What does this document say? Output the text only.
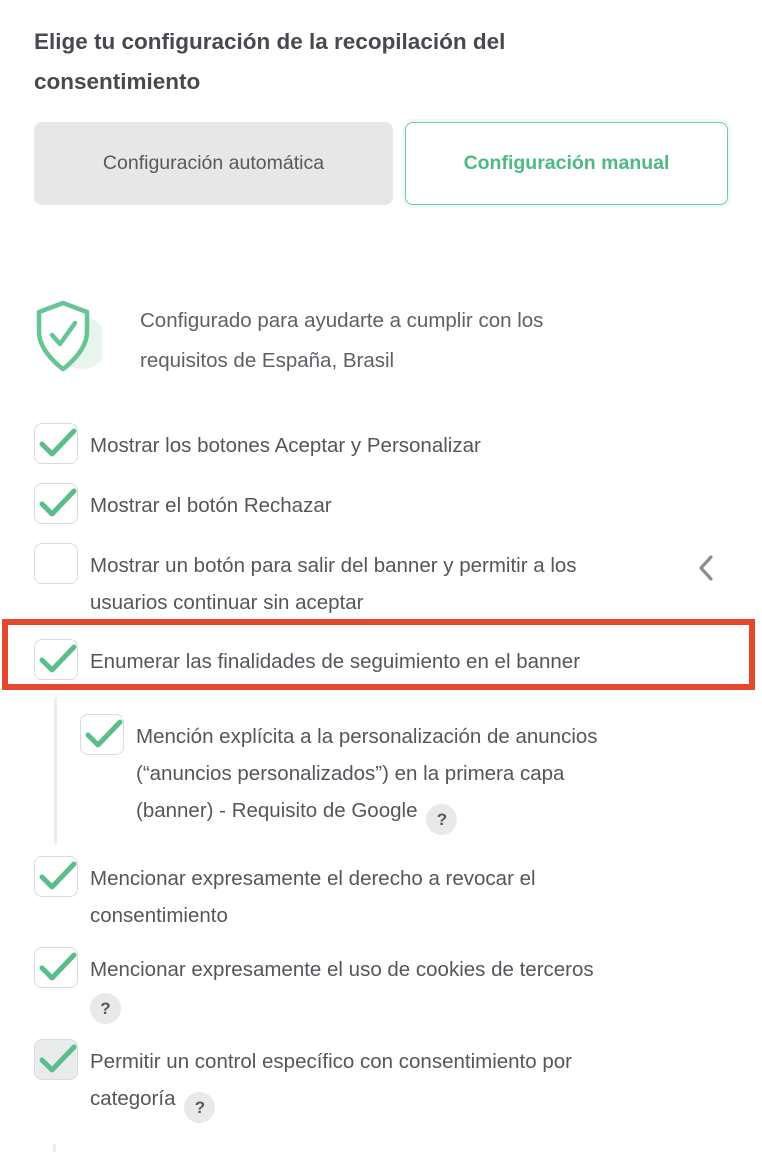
Elige tu configuración de la recopilación del consentimiento
Configuración automática	Configuración manual
Configurado para ayudarte a cumplir con los
requisitos de España, Brasil
Mostrar los botones Aceptar y Personalizar
Mostrar el botón Rechazar
Mostrar un botón para salir del banner y permitir a los
usuarios continuar sin aceptar
Enumerar las finalidades de seguimiento en el banner
Mención explícita a la personalización de anuncios
(“anuncios personalizados”) en la primera capa
(banner) - Requisito de Google ?
Mencionar expresamente el derecho a revocar el
consentimiento
Mencionar expresamente el uso de cookies de terceros
?
Permitir un control específico con consentimiento por
categoría ?
